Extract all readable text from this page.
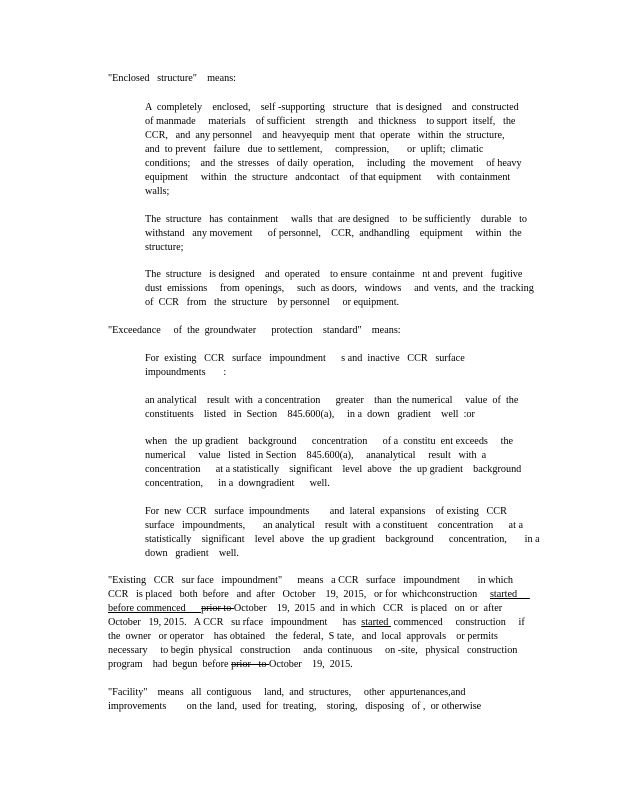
"Enclosed   structure"    means:
A  completely    enclosed,    self -supporting   structure   that  is designed    and  constructed
of manmade     materials    of sufficient    strength    and  thickness    to support  itself,   the
CCR,   and  any personnel    and  heavyequip  ment  that  operate   within  the  structure,
and  to prevent   failure   due  to settlement,     compression,       or  uplift;  climatic
conditions;    and  the  stresses   of daily  operation,     including   the  movement     of heavy
equipment     within   the  structure   andcontact    of that equipment      with  containment
walls;
The  structure   has  containment     walls  that  are designed    to  be sufficiently    durable   to
withstand   any movement      of personnel,    CCR,  andhandling    equipment     within   the
structure;
The  structure   is designed    and  operated    to ensure  containme   nt and  prevent   fugitive
dust  emissions     from  openings,     such  as doors,   windows     and  vents,  and  the  tracking
of  CCR   from   the  structure    by personnel     or equipment.
"Exceedance     of  the  groundwater      protection    standard"    means:
For  existing   CCR   surface   impoundment      s and  inactive   CCR   surface
impoundments       :
an analytical    result  with  a concentration      greater    than  the numerical     value  of  the
constituents    listed   in  Section    845.600(a),     in a  down   gradient    well  :or
when   the  up gradient    background      concentration      of a  constitu  ent exceeds     the
numerical     value   listed  in Section    845.600(a),     ananalytical     result   with  a
concentration      at a statistically    significant    level  above   the  up gradient    background
concentration,      in a  downgradient      well.
For  new  CCR   surface  impoundments        and  lateral  expansions    of existing   CCR
surface   impoundments,       an analytical    result  with  a constituent    concentration      at a
statistically    significant    level  above   the  up gradient    background      concentration,       in a
down   gradient    well.
"Existing   CCR   sur face   impoundment"      means   a CCR   surface   impoundment       in which
CCR   is placed   both  before   and  after   October    19,  2015,   or for  whichconstruction     started
before commenced      prior to October    19,  2015  and  in which   CCR   is placed   on  or  after
October   19, 2015.   A CCR   su rface   impoundment      has  started  commenced     construction     if
the  owner   or operator    has obtained    the  federal,  S tate,   and  local  approvals    or permits
necessary     to begin  physical   construction     anda  continuous     on -site,   physical   construction
program    had  begun  before prior   to October    19,  2015.
"Facility"    means   all  contiguous     land,  and  structures,     other  appurtenances,and
improvements        on the  land,  used  for  treating,    storing,   disposing   of ,  or otherwise
